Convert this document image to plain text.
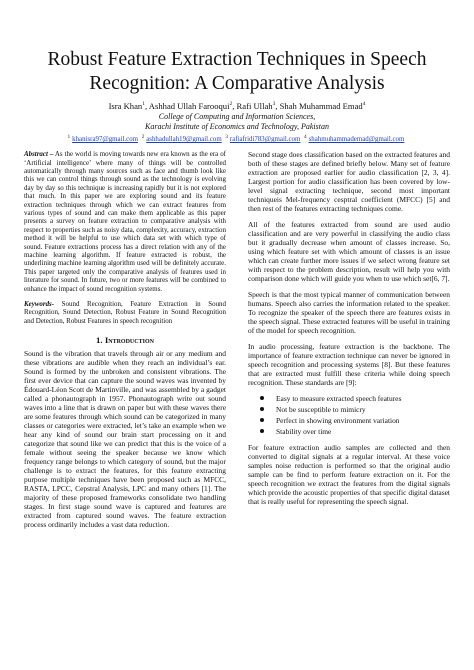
Robust Feature Extraction Techniques in Speech
Recognition: A Comparative Analysis
Isra Khan$^1$, Ashhad Ullah Farooqui$^2$, Rafi Ullah$^3$, Shah Muhammad Emad$^4$
College of Computing and Information Sciences,
Karachi Institute of Economics and Technology, Pakistan
$^1$ khanisra97@gmail.com $^2$ ashhadullah19@gmail.com $^3$ rafiafridi783@gmail.com $^4$ shahmuhammademad@gmail.com

Abstract – As the world is moving towards new era known as the era of ‘Artificial intelligence’ where many of things will be controlled automatically through many sources such as face and thumb look like this we can control things through sound as the technology is evolving day by day so this technique is increasing rapidly but it is not explored that much. In this paper we are exploring sound and its feature extraction techniques through which we can extract features from various types of sound and can make them applicable as this paper presents a survey on feature extraction to comparative analysis with respect to properties such as noisy data, complexity, accuracy, extraction method it will be helpful to use which data set with which type of sound. Feature extractions process has a direct relation with any of the machine learning algorithm. If feature extracted is robust, the underlining machine learning algorithm used will be definitely accurate. This paper targeted only the comparative analysis of features used in literature for sound. In future, two or more features will be combined to enhance the impact of sound recognition systems.

Keywords- Sound Recognition, Feature Extraction in Sound Recognition, Sound Detection, Robust Feature in Sound Recognition and Detection, Robust Features in speech recognition

1. Introduction

Sound is the vibration that travels through air or any medium and these vibrations are audible when they reach an individual’s ear. Sound is formed by the unbroken and consistent vibrations. The first ever device that can capture the sound waves was invented by Édouard-Léon Scott de Martinville, and was assembled by a gadget called a phonautograph in 1957. Phonautograph write out sound waves into a line that is drawn on paper but with these waves there are some features through which sound can be categorized in many classes or categories were extracted, let’s take an example when we hear any kind of sound our brain start processing on it and categorize that sound like we can predict that this is the voice of a female without seeing the speaker because we know which frequency range belongs to which category of sound, but the major challenge is to extract the features, for this feature extracting purpose multiple techniques have been proposed such as MFCC, RASTA, LPCC, Cepstral Analysis, LPC and many others [1]. The majority of these proposed frameworks consolidate two handling stages. In first stage sound wave is captured and features are extracted from captured sound waves. The feature extraction process ordinarily includes a vast data reduction.

Second stage does classification based on the extracted features and both of these stages are defined briefly below. Many set of feature extraction are proposed earlier for audio classification [2, 3, 4]. Largest portion for audio classification has been covered by low-level signal extracting technique, second most important techniqueis Mel-frequency cesptral coefficient (MFCC) [5] and then rest of the features extracting techniques come.

All of the features extracted from sound are used audio classification and are very powerful in classifying the audio class but it gradually decrease when amount of classes increase. So, using which feature set with which amount of classes is an issue which can create further more issues if we select wrong feature set with respect to the problem description, result will help you with comparison done which will guide you when to use which set[6, 7].

Speech is that the most typical manner of communication between humans. Speech also carries the information related to the speaker. To recognize the speaker of the speech there are features exists in the speech signal. These extracted features will be useful in training of the model for speech recognition.

In audio processing, feature extraction is the backbone. The importance of feature extraction technique can never be ignored in speech recognition and processing systems [8]. But these features that are extracted must fulfill these criteria while doing speech recognition. These standards are [9]:

Easy to measure extracted speech features
Not be susceptible to mimicry
Perfect in showing environment variation
Stability over time

For feature extraction audio samples are collected and then converted to digital signals at a regular interval. At these voice samples noise reduction is performed so that the original audio sample can be find to perform feature extraction on it. For the speech recognition we extract the features from the digital signals which provide the acoustic properties of that specific digital dataset that is really useful for representing the speech signal.
